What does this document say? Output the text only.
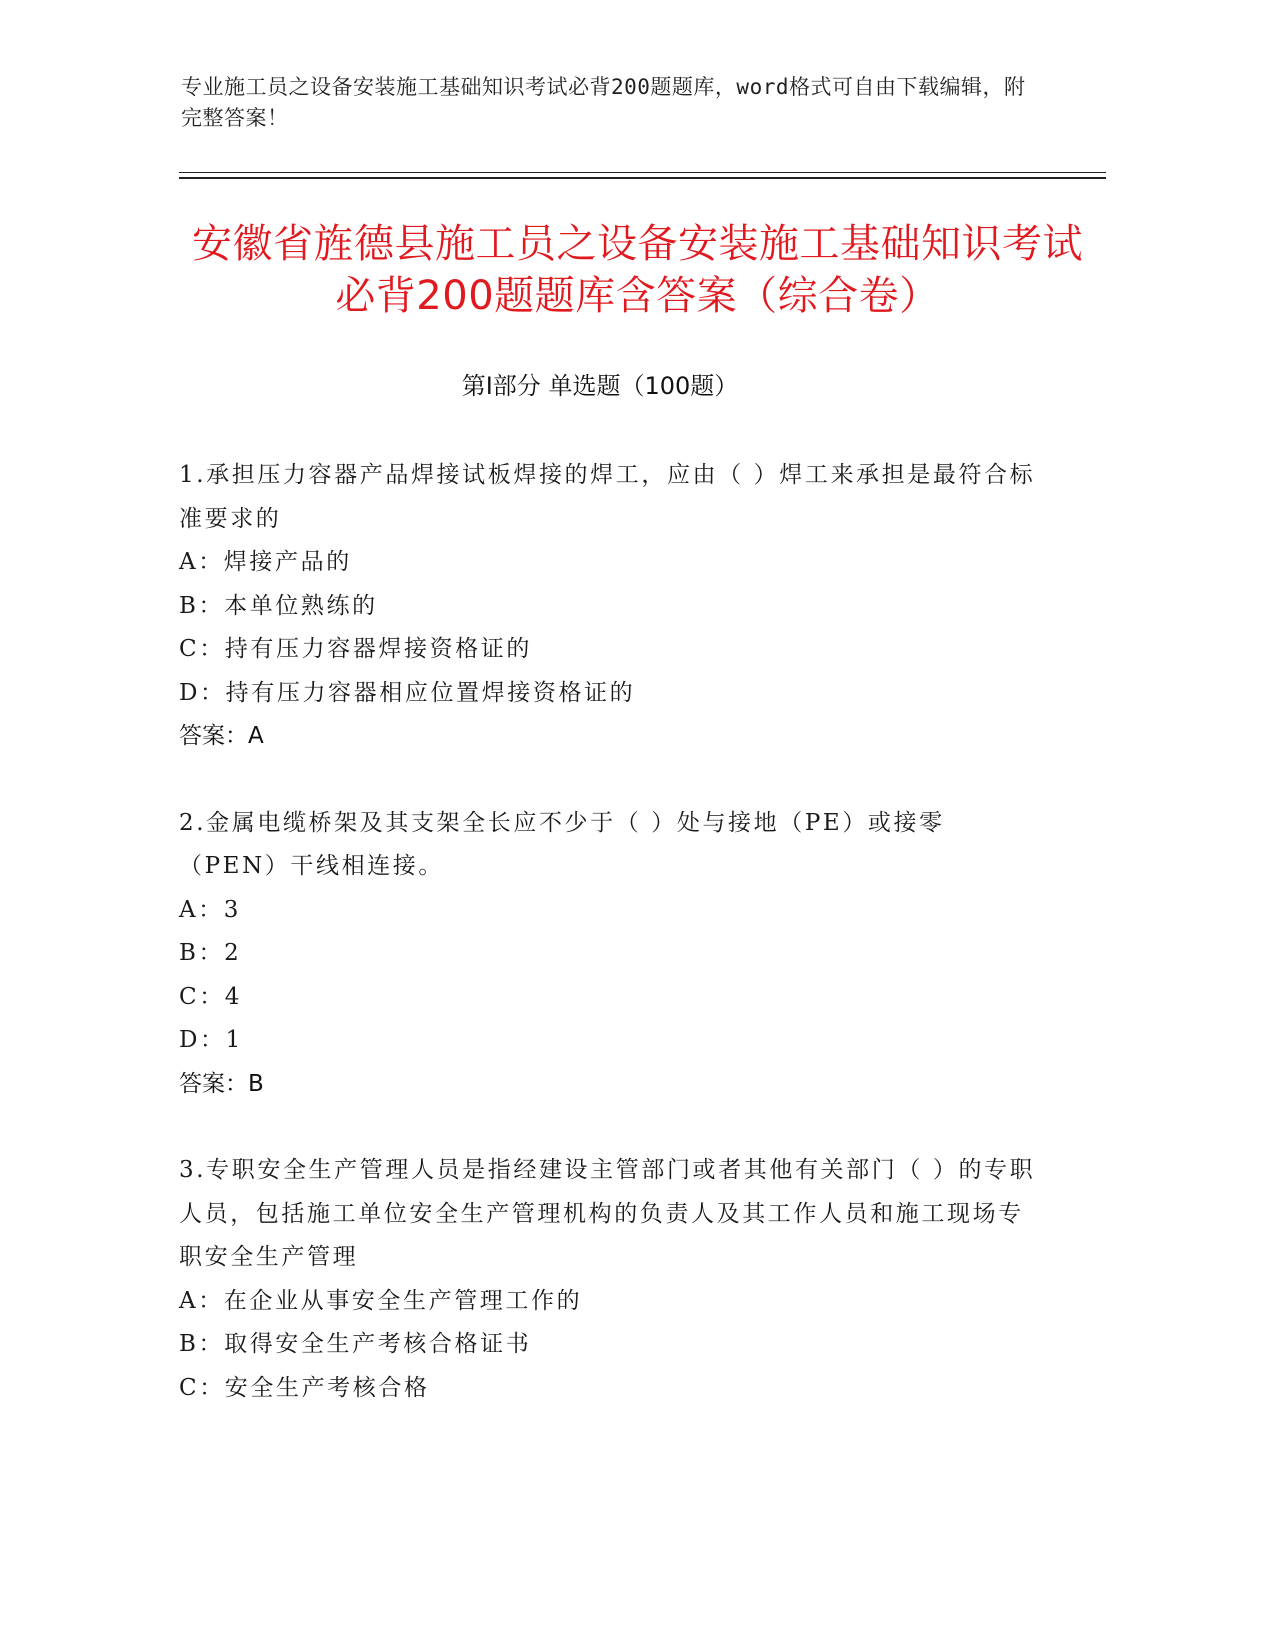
专业施工员之设备安装施工基础知识考试必背200题题库，word格式可自由下载编辑，附完整答案！
安徽省旌德县施工员之设备安装施工基础知识考试必背200题题库含答案（综合卷）
第Ⅰ部分 单选题（100题）

1.承担压力容器产品焊接试板焊接的焊工，应由（ ）焊工来承担是最符合标准要求的

A：焊接产品的

B：本单位熟练的

C：持有压力容器焊接资格证的

D：持有压力容器相应位置焊接资格证的

答案：A

2.金属电缆桥架及其支架全长应不少于（ ）处与接地（PE）或接零（PEN）干线相连接。

A：3

B：2

C：4

D：1

答案：B

3.专职安全生产管理人员是指经建设主管部门或者其他有关部门（ ）的专职人员，包括施工单位安全生产管理机构的负责人及其工作人员和施工现场专职安全生产管理

A：在企业从事安全生产管理工作的

B：取得安全生产考核合格证书

C：安全生产考核合格
